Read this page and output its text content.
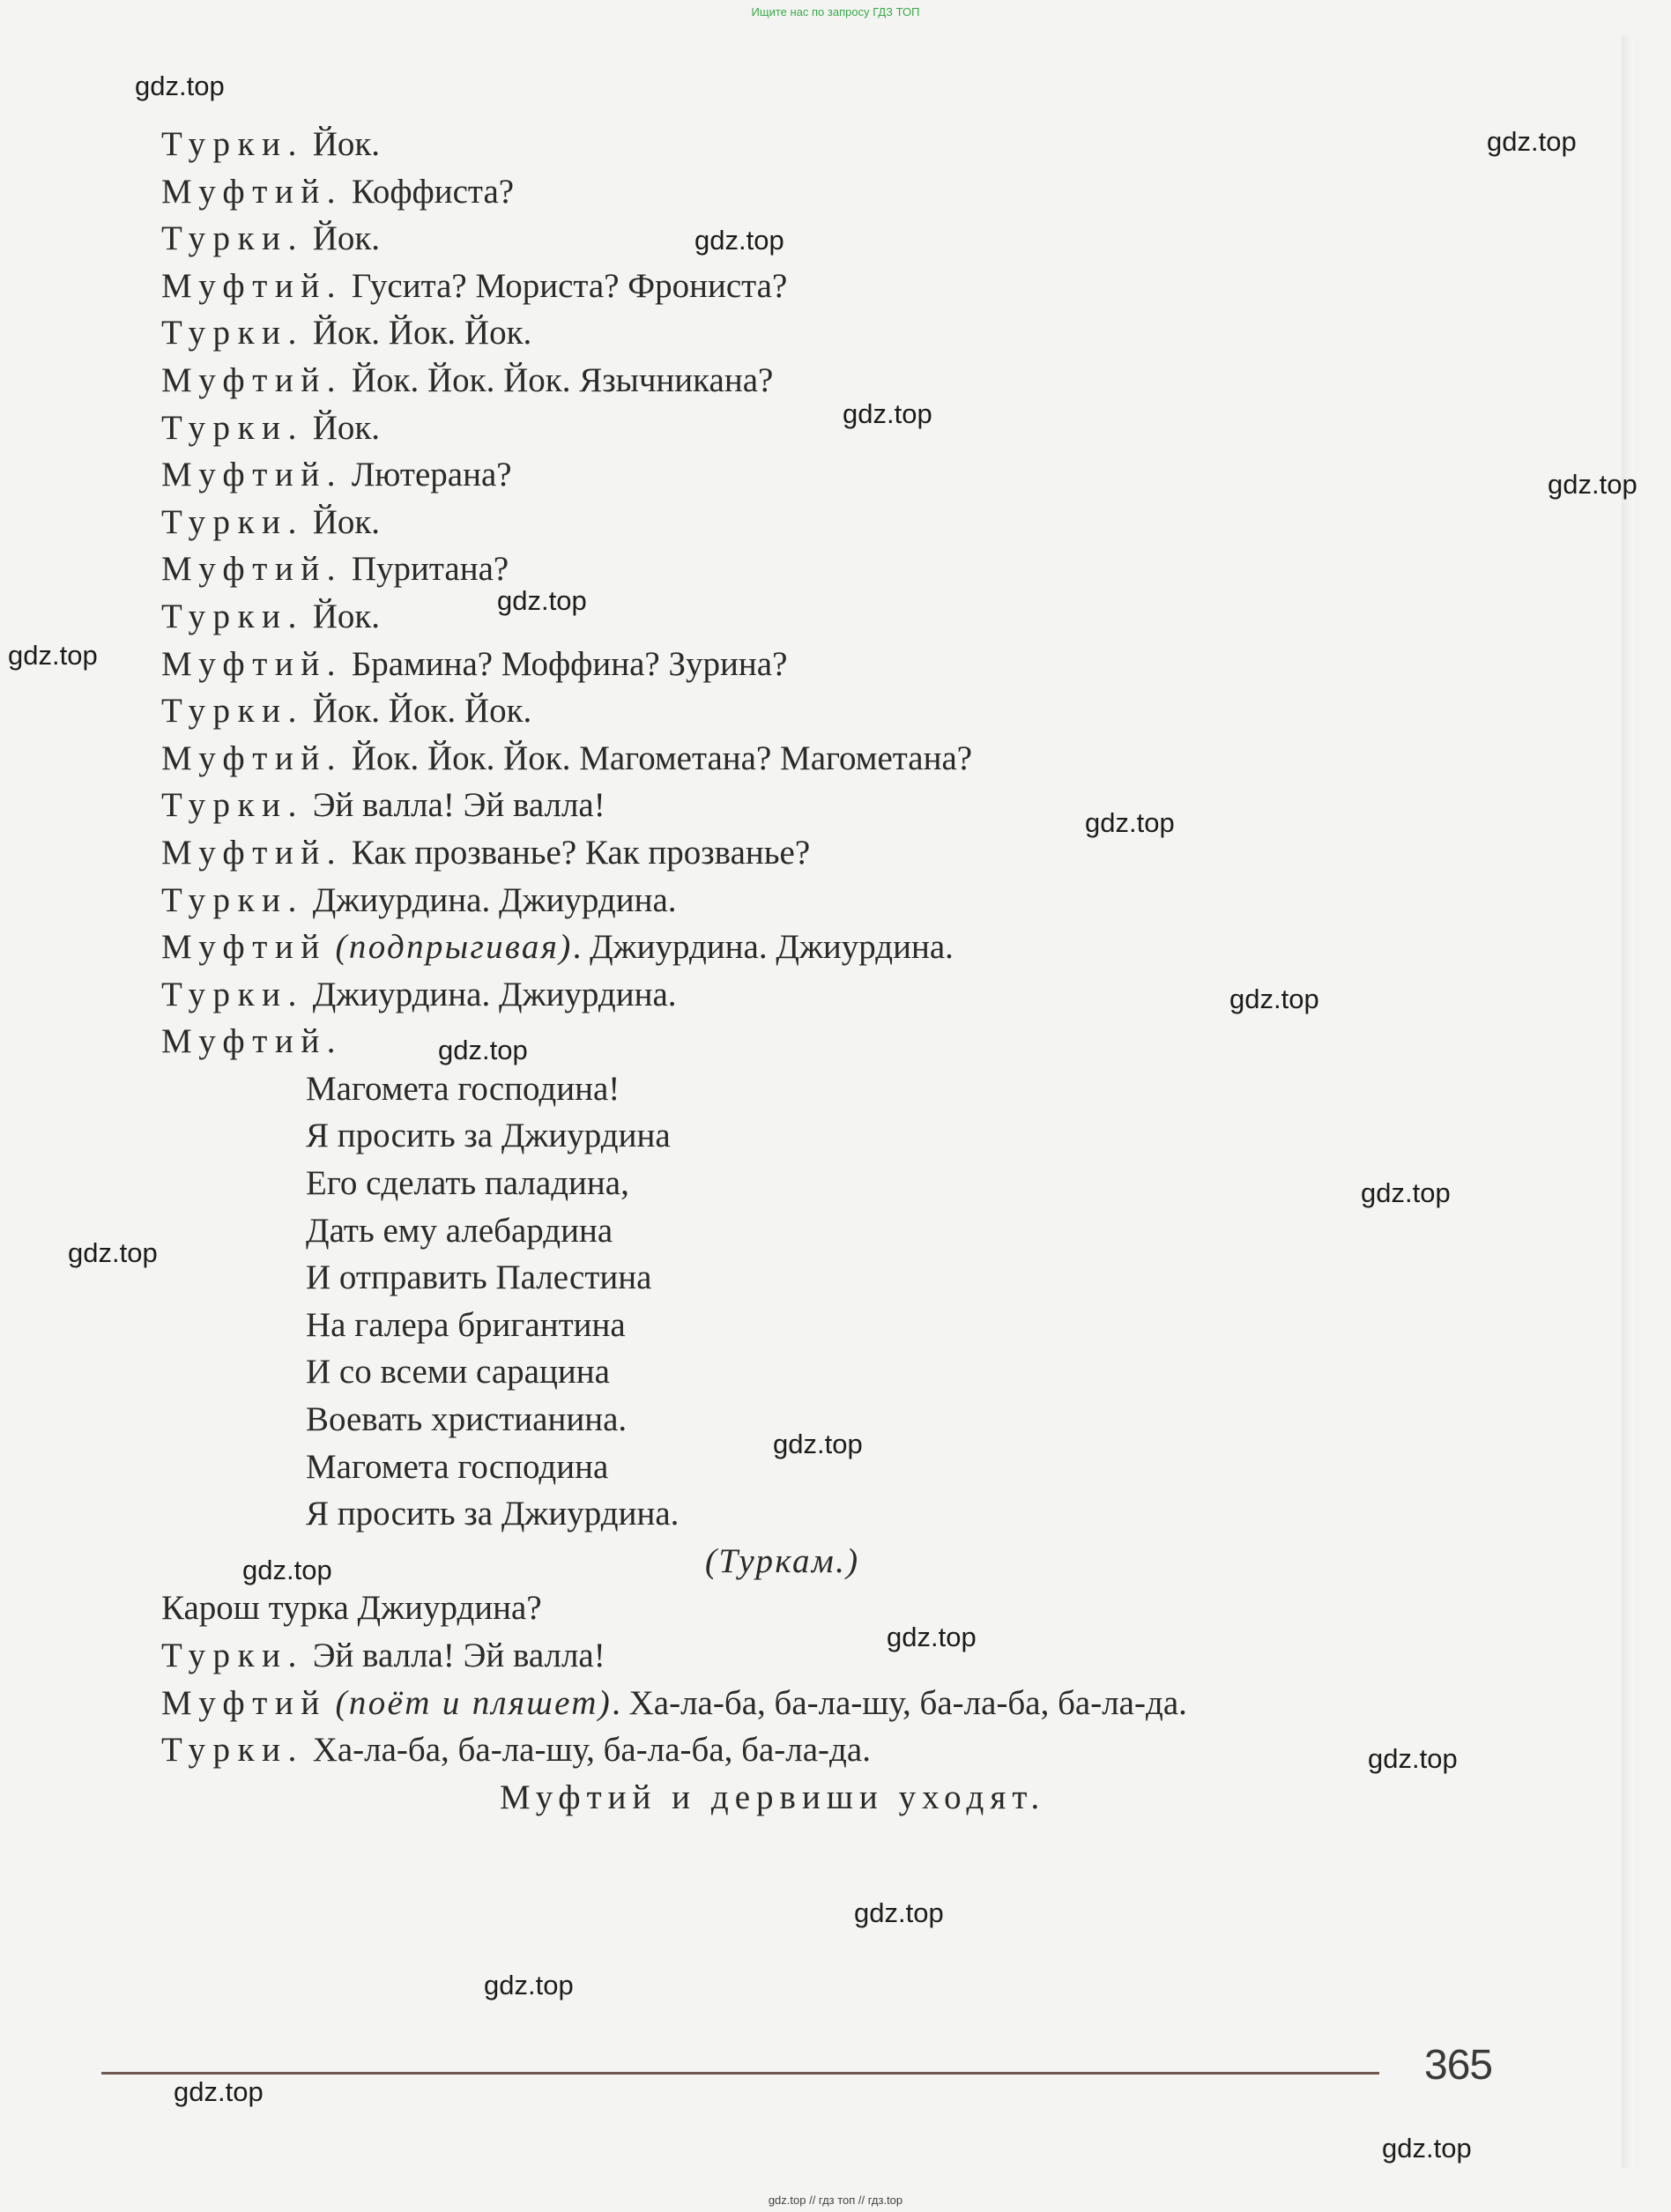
Ищите нас по запросу ГДЗ ТОП
Турки. Йок.
Муфтий. Коффиста?
Турки. Йок.
Муфтий. Гусита? Мориста? Фрониста?
Турки. Йок. Йок. Йок.
Муфтий. Йок. Йок. Йок. Язычникана?
Турки. Йок.
Муфтий. Лютерана?
Турки. Йок.
Муфтий. Пуритана?
Турки. Йок.
Муфтий. Брамина? Моффина? Зурина?
Турки. Йок. Йок. Йок.
Муфтий. Йок. Йок. Йок. Магометана? Магометана?
Турки. Эй валла! Эй валла!
Муфтий. Как прозванье? Как прозванье?
Турки. Джиурдина. Джиурдина.
Муфтий (подпрыгивая). Джиурдина. Джиурдина.
Турки. Джиурдина. Джиурдина.
Муфтий.
Магомета господина!
Я просить за Джиурдина
Его сделать паладина,
Дать ему алебардина
И отправить Палестина
На галера бригантина
И со всеми сарацина
Воевать христианина.
Магомета господина
Я просить за Джиурдина.
(Туркам.)
Карош турка Джиурдина?
Турки. Эй валла! Эй валла!
Муфтий (поёт и пляшет). Ха-ла-ба, ба-ла-шу, ба-ла-ба, ба-ла-да.
Турки. Ха-ла-ба, ба-ла-шу, ба-ла-ба, ба-ла-да.
Муфтий и дервиши уходят.
365
gdz.top
gdz.top
gdz.top
gdz.top
gdz.top
gdz.top
gdz.top
gdz.top
gdz.top
gdz.top
gdz.top
gdz.top
gdz.top
gdz.top
gdz.top
gdz.top
gdz.top
gdz.top
gdz.top
gdz.top
gdz.top // гдз топ // гдз.top
